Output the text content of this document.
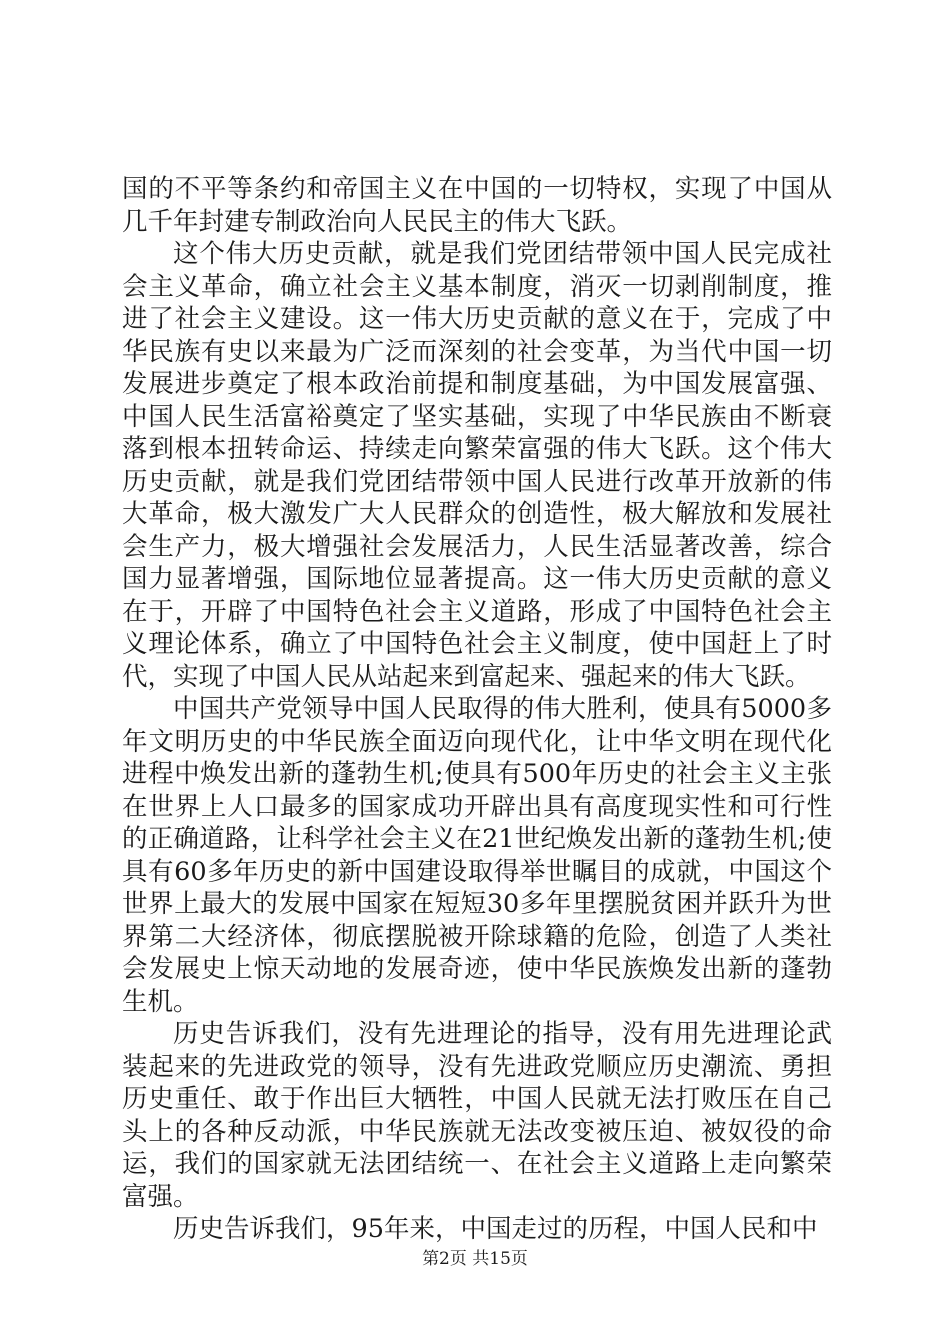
国的不平等条约和帝国主义在中国的一切特权，实现了中国从几千年封建专制政治向人民民主的伟大飞跃。

这个伟大历史贡献，就是我们党团结带领中国人民完成社会主义革命，确立社会主义基本制度，消灭一切剥削制度，推进了社会主义建设。这一伟大历史贡献的意义在于，完成了中华民族有史以来最为广泛而深刻的社会变革，为当代中国一切发展进步奠定了根本政治前提和制度基础，为中国发展富强、中国人民生活富裕奠定了坚实基础，实现了中华民族由不断衰落到根本扭转命运、持续走向繁荣富强的伟大飞跃。这个伟大历史贡献，就是我们党团结带领中国人民进行改革开放新的伟大革命，极大激发广大人民群众的创造性，极大解放和发展社会生产力，极大增强社会发展活力，人民生活显著改善，综合国力显著增强，国际地位显著提高。这一伟大历史贡献的意义在于，开辟了中国特色社会主义道路，形成了中国特色社会主义理论体系，确立了中国特色社会主义制度，使中国赶上了时代，实现了中国人民从站起来到富起来、强起来的伟大飞跃。

中国共产党领导中国人民取得的伟大胜利，使具有5000多年文明历史的中华民族全面迈向现代化，让中华文明在现代化进程中焕发出新的蓬勃生机;使具有500年历史的社会主义主张在世界上人口最多的国家成功开辟出具有高度现实性和可行性的正确道路，让科学社会主义在21世纪焕发出新的蓬勃生机;使具有60多年历史的新中国建设取得举世瞩目的成就，中国这个世界上最大的发展中国家在短短30多年里摆脱贫困并跃升为世界第二大经济体，彻底摆脱被开除球籍的危险，创造了人类社会发展史上惊天动地的发展奇迹，使中华民族焕发出新的蓬勃生机。

历史告诉我们，没有先进理论的指导，没有用先进理论武装起来的先进政党的领导，没有先进政党顺应历史潮流、勇担历史重任、敢于作出巨大牺牲，中国人民就无法打败压在自己头上的各种反动派，中华民族就无法改变被压迫、被奴役的命运，我们的国家就无法团结统一、在社会主义道路上走向繁荣富强。

历史告诉我们，95年来，中国走过的历程，中国人民和中

第2页 共15页
